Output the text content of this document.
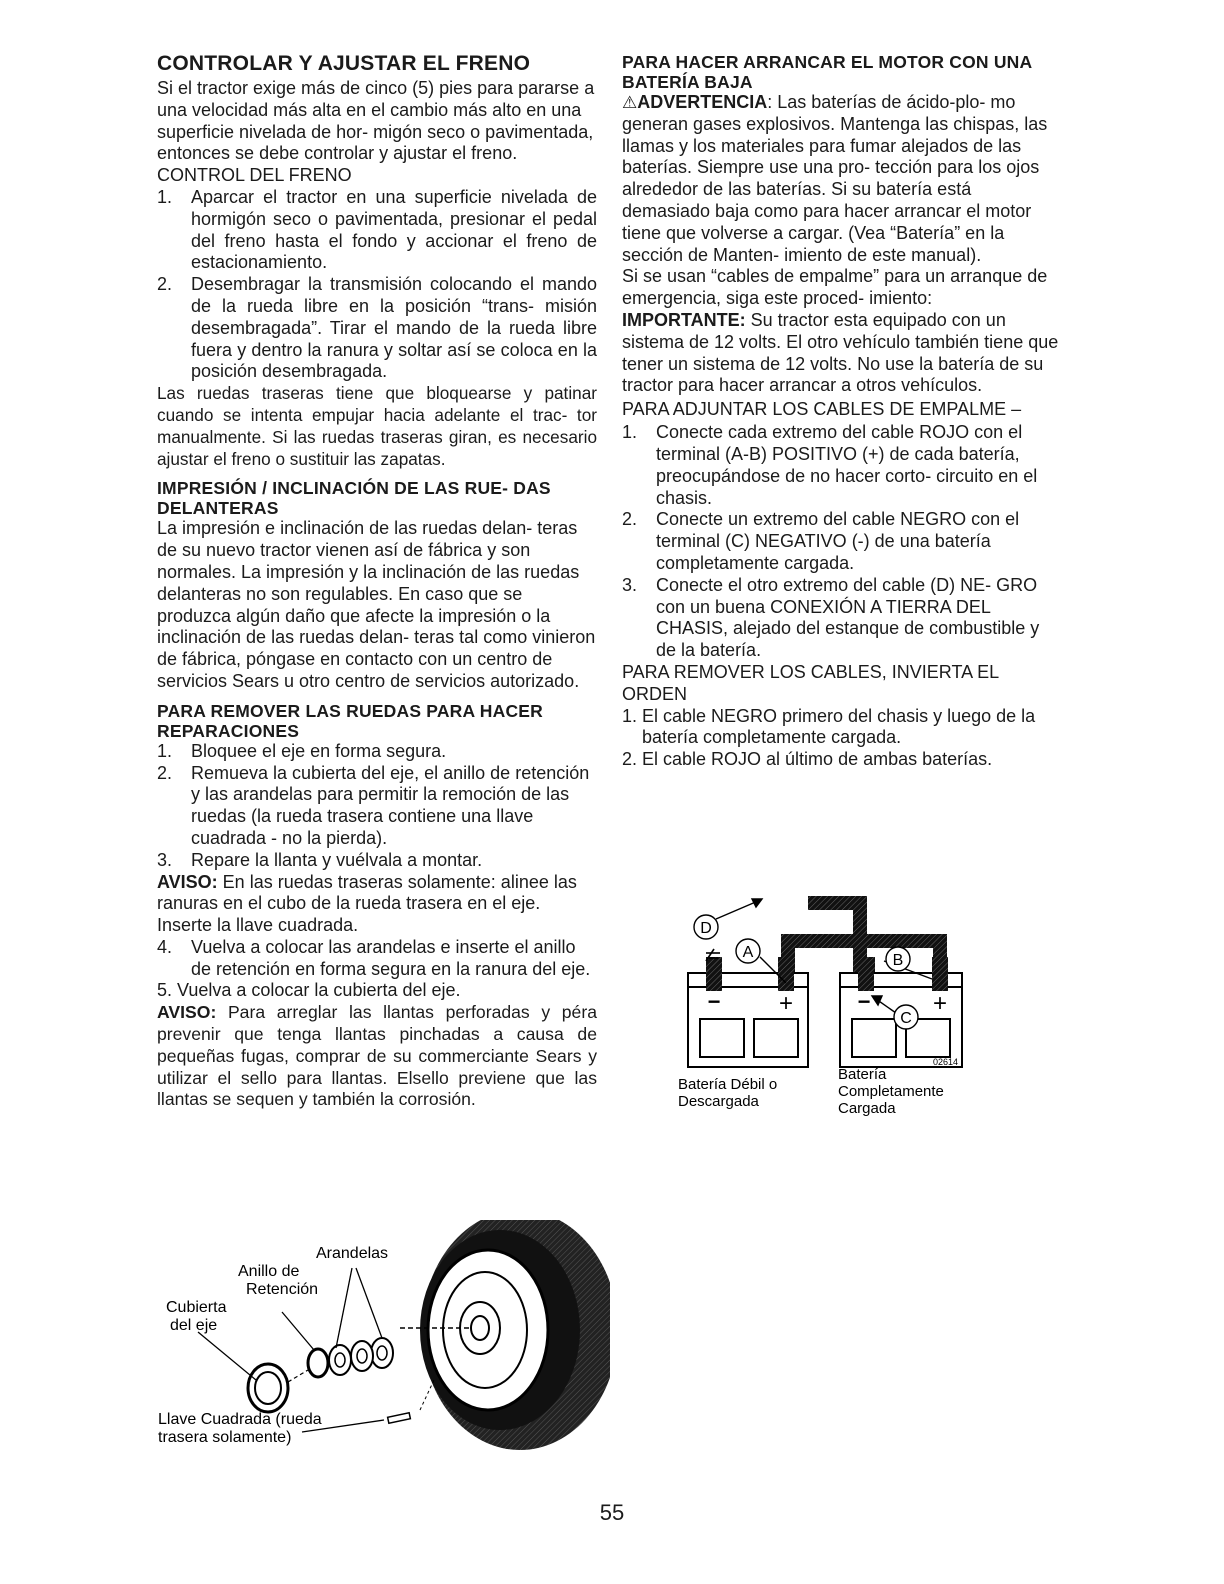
CONTROLAR Y AJUSTAR EL FRENO

Si el tractor exige más de cinco (5) pies para pararse a una velocidad más alta en el cambio más alto en una superficie nivelada de hor- migón seco o pavimentada, entonces se debe controlar y ajustar el freno.

CONTROL DEL FRENO

1. Aparcar el tractor en una superficie nivelada de hormigón seco o pavimentada, presionar el pedal del freno hasta el fondo y accionar el freno de estacionamiento.
2. Desembragar la transmisión colocando el mando de la rueda libre en la posición “trans- misión desembragada”. Tirar el mando de la rueda libre fuera y dentro la ranura y soltar así se coloca en la posición desembragada.

Las ruedas traseras tiene que bloquearse y patinar cuando se intenta empujar hacia adelante el trac- tor manualmente. Si las ruedas traseras giran, es necesario ajustar el freno o sustituir las zapatas.

IMPRESIÓN / INCLINACIÓN DE LAS RUE- DAS DELANTERAS

La impresión e inclinación de las ruedas delan- teras de su nuevo tractor vienen así de fábrica y son normales. La impresión y la inclinación de las ruedas delanteras no son regulables. En caso que se produzca algún daño que afecte la impresión o la inclinación de las ruedas delan- teras tal como vinieron de fábrica, póngase en contacto con un centro de servicios Sears u otro centro de servicios autorizado.

PARA REMOVER LAS RUEDAS PARA HACER REPARACIONES
1. Bloquee el eje en forma segura.
2. Remueva la cubierta del eje, el anillo de retención y las arandelas para permitir la remoción de las ruedas (la rueda trasera contiene una llave cuadrada - no la pierda).
3. Repare la llanta y vuélvala a montar.

AVISO: En las ruedas traseras solamente: alinee las ranuras en el cubo de la rueda trasera en el eje. Inserte la llave cuadrada.

4. Vuelva a colocar las arandelas e inserte el anillo de retención en forma segura en la ranura del eje.

5. Vuelva a colocar la cubierta del eje.

AVISO: Para arreglar las llantas perforadas y péra prevenir que tenga llantas pinchadas a causa de pequeñas fugas, comprar de su commerciante Sears y utilizar el sello para llantas. Elsello previene que las llantas se sequen y también la corrosión.

Arandelas
Anillo de
Retención
Cubierta
del eje
Llave Cuadrada (rueda
trasera solamente)
PARA HACER ARRANCAR EL MOTOR CON UNA BATERÍA BAJA

⚠ADVERTENCIA: Las baterías de ácido-plo- mo generan gases explosivos. Mantenga las chispas, las llamas y los materiales para fumar alejados de las baterías. Siempre use una pro- tección para los ojos alrededor de las baterías. Si su batería está demasiado baja como para hacer arrancar el motor tiene que volverse a cargar. (Vea “Batería” en la sección de Manten- imiento de este manual).

Si se usan “cables de empalme” para un arranque de emergencia, siga este proced- imiento:

IMPORTANTE: Su tractor esta equipado con un sistema de 12 volts. El otro vehículo también tiene que tener un sistema de 12 volts. No use la batería de su tractor para hacer arrancar a otros vehículos.

PARA ADJUNTAR LOS CABLES DE EMPALME –

1. Conecte cada extremo del cable ROJO con el terminal (A-B) POSITIVO (+) de cada batería, preocupándose de no hacer corto- circuito en el chasis.
2. Conecte un extremo del cable NEGRO con el terminal (C) NEGATIVO (-) de una batería completamente cargada.
3. Conecte el otro extremo del cable (D) NE- GRO con un buena CONEXIÓN A TIERRA DEL CHASIS, alejado del estanque de combustible y de la batería.

PARA REMOVER LOS CABLES, INVIERTA EL ORDEN

1. El cable NEGRO primero del chasis y luego de la batería completamente cargada.
2. El cable ROJO al último de ambas baterías.
D
A	B
C
− +	−	+
02614
Batería Débil o
Descargada
Batería
Completamente
Cargada
55
